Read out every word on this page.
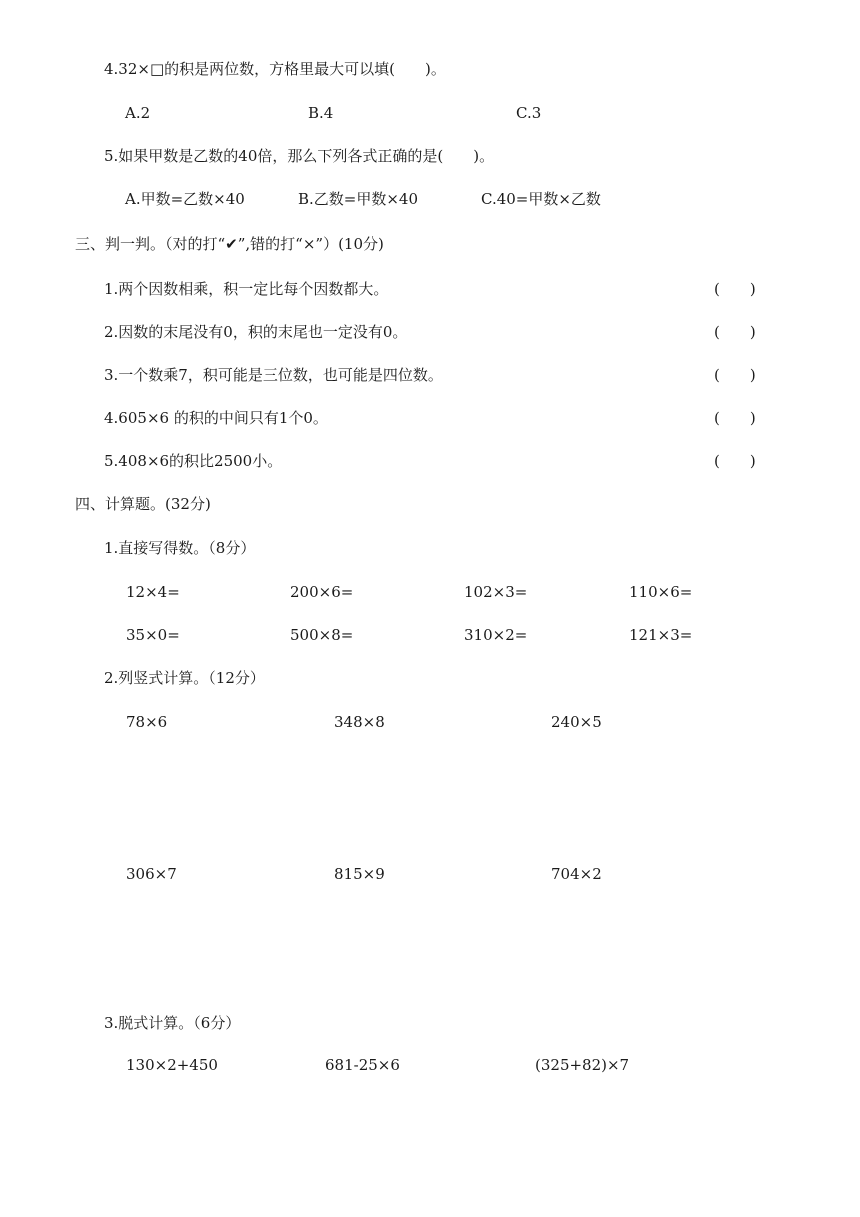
4.32×□的积是两位数，方格里最大可以填(　　)。
A.2	B.4	C.3
5.如果甲数是乙数的40倍，那么下列各式正确的是(　　)。
A.甲数=乙数×40	B.乙数=甲数×40	C.40=甲数×乙数
三、判一判。（对的打“✔”,错的打“×”）(10分)
1.两个因数相乘，积一定比每个因数都大。	(　　)
2.因数的末尾没有0，积的末尾也一定没有0。	(　　)
3.一个数乘7，积可能是三位数，也可能是四位数。	(　　)
4.605×6 的积的中间只有1个0。	(　　)
5.408×6的积比2500小。	(　　)
四、计算题。(32分)
1.直接写得数。（8分）
12×4=	200×6=	102×3=	110×6=
35×0=	500×8=	310×2=	121×3=
2.列竖式计算。（12分）
78×6	348×8	240×5
306×7	815×9	704×2
3.脱式计算。（6分）
130×2+450	681-25×6	(325+82)×7
